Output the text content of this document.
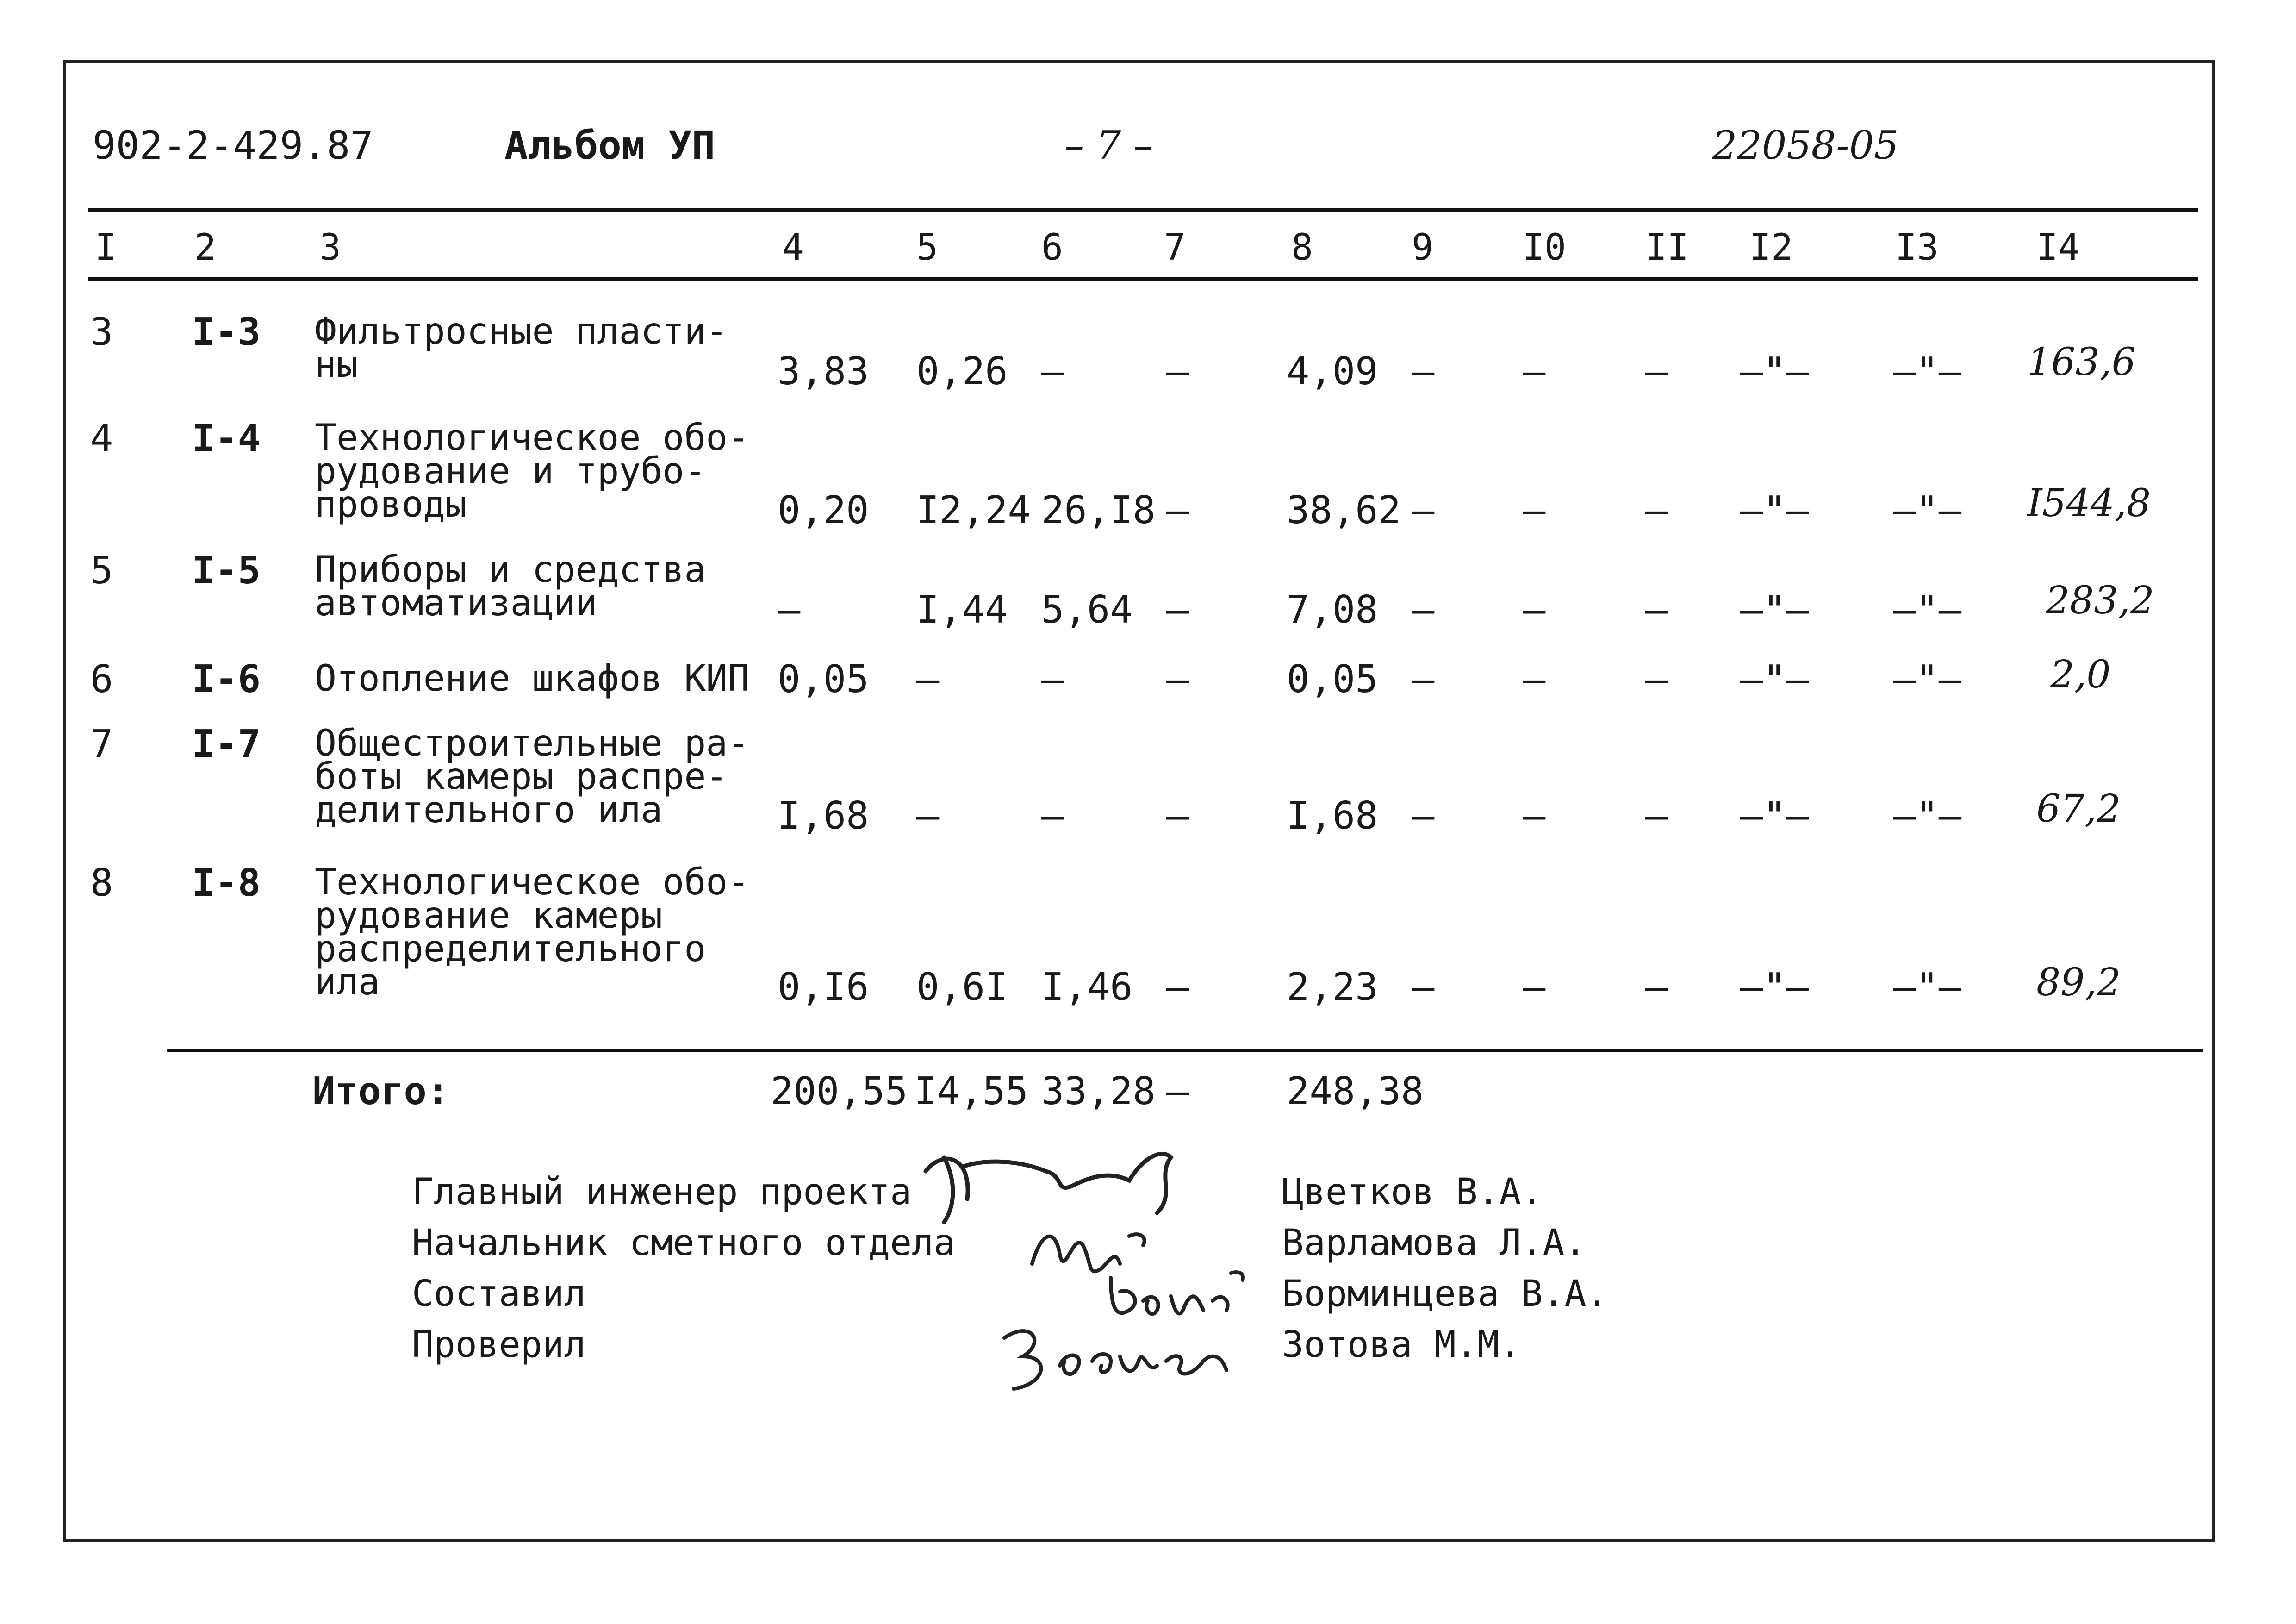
902-2-429.87	Альбом УП	– 7 –	22058-05
I 2	3	4	5	6	7	8	9 I0 II I2	I3	I4
3 I-3 Фильтросные пласти-
ны	3,83 0,26 –	–	4,09 – –	– –"– –"– 163,6
4 I-4 Технологическое обо-
рудование и трубо-
проводы	0,20 I2,24 26,I8 –	38,62 – –	– –"– –"– I544,8
5 I-5 Приборы и средства
автоматизации	–	I,44 5,64 –	7,08 – –	– –"– –"– 283,2
6 I-6 Отопление шкафов КИП 0,05 –	–	–	0,05 – –	– –"– –"– 2,0
7 I-7 Общестроительные ра-
боты камеры распре-
делительного ила	I,68 –	–	–	I,68 – –	– –"– –"– 67,2
8 I-8 Технологическое обо-
рудование камеры
распределительного
ила	0,I6 0,6I I,46 –	2,23 – –	– –"– –"– 89,2
Итого:	200,55 I4,55 33,28 –	248,38
Главный инженер проекта	Цветков В.А.
Начальник сметного отдела	Варламова Л.А.
Составил	Борминцева В.А.
Проверил	Зотова М.М.
